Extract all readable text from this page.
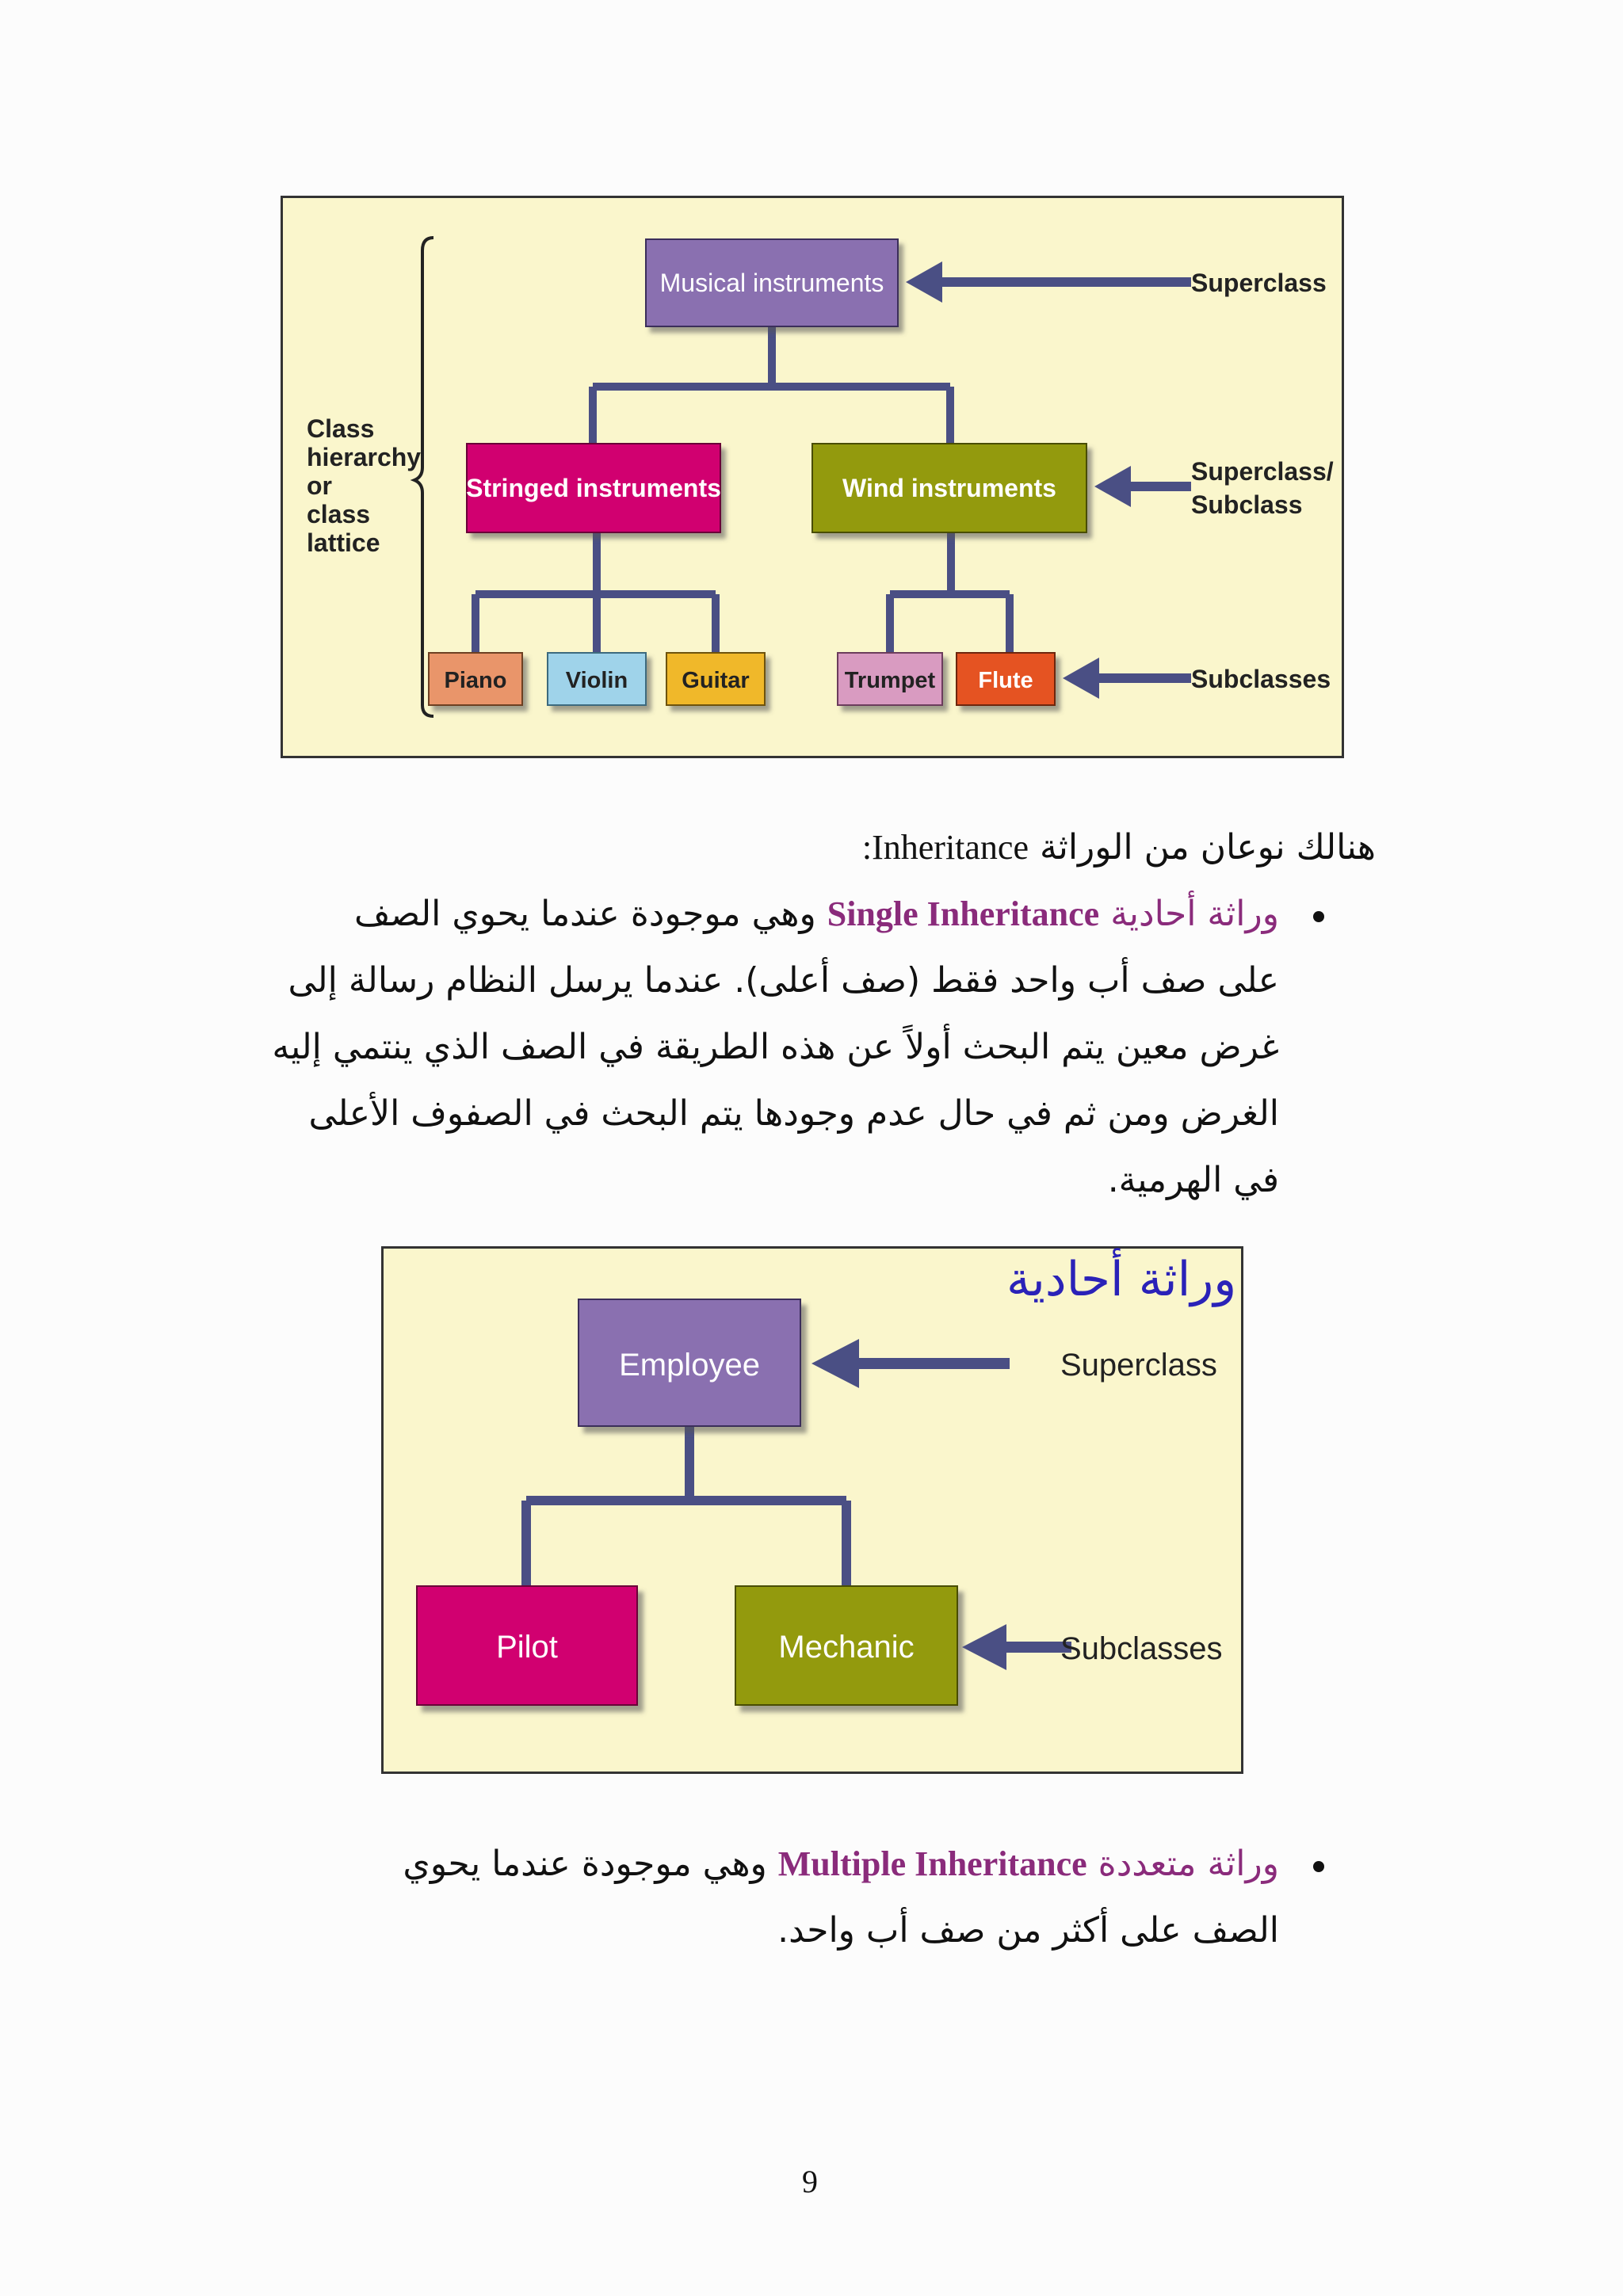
Class
hierarchy
or
class
lattice
Musical instruments
Stringed instruments	Wind instruments
Piano	Violin Guitar	Trumpet Flute
Superclass
Superclass/
Subclass
Subclasses
هنالك نوعان من الوراثة Inheritance:
وراثة أحادية Single Inheritance وهي موجودة عندما يحوي الصف
على صف أب واحد فقط (صف أعلى). عندما يرسل النظام رسالة إلى
غرض معين يتم البحث أولاً عن هذه الطريقة في الصف الذي ينتمي إليه
الغرض ومن ثم في حال عدم وجودها يتم البحث في الصفوف الأعلى
في الهرمية.
Employee
Pilot	Mechanic
Superclass
Subclasses
وراثة أحادية
وراثة متعددة Multiple Inheritance وهي موجودة عندما يحوي
الصف على أكثر من صف أب واحد.
9
